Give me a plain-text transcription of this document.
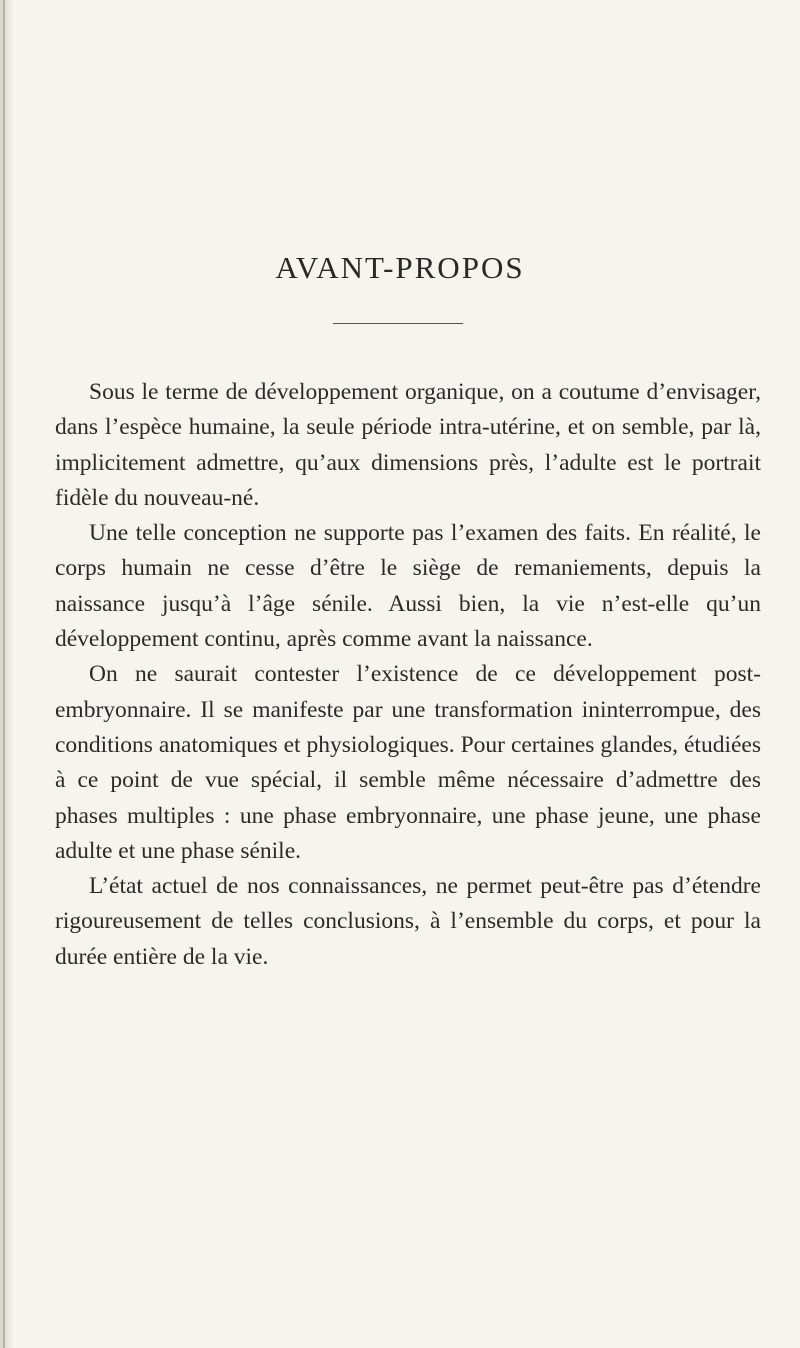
AVANT-PROPOS

Sous le terme de développement organique, on a coutume d’envisager, dans l’espèce humaine, la seule période intra-utérine, et on semble, par là, implicitement admettre, qu’aux dimensions près, l’adulte est le portrait fidèle du nouveau-né.

Une telle conception ne supporte pas l’examen des faits. En réalité, le corps humain ne cesse d’être le siège de remaniements, depuis la naissance jusqu’à l’âge sénile. Aussi bien, la vie n’est-elle qu’un développement continu, après comme avant la naissance.

On ne saurait contester l’existence de ce développement post-embryonnaire. Il se manifeste par une transformation ininterrompue, des conditions anatomiques et physiologiques. Pour certaines glandes, étudiées à ce point de vue spécial, il semble même nécessaire d’admettre des phases multiples : une phase embryonnaire, une phase jeune, une phase adulte et une phase sénile.

L’état actuel de nos connaissances, ne permet peut-être pas d’étendre rigoureusement de telles conclusions, à l’ensemble du corps, et pour la durée entière de la vie.
